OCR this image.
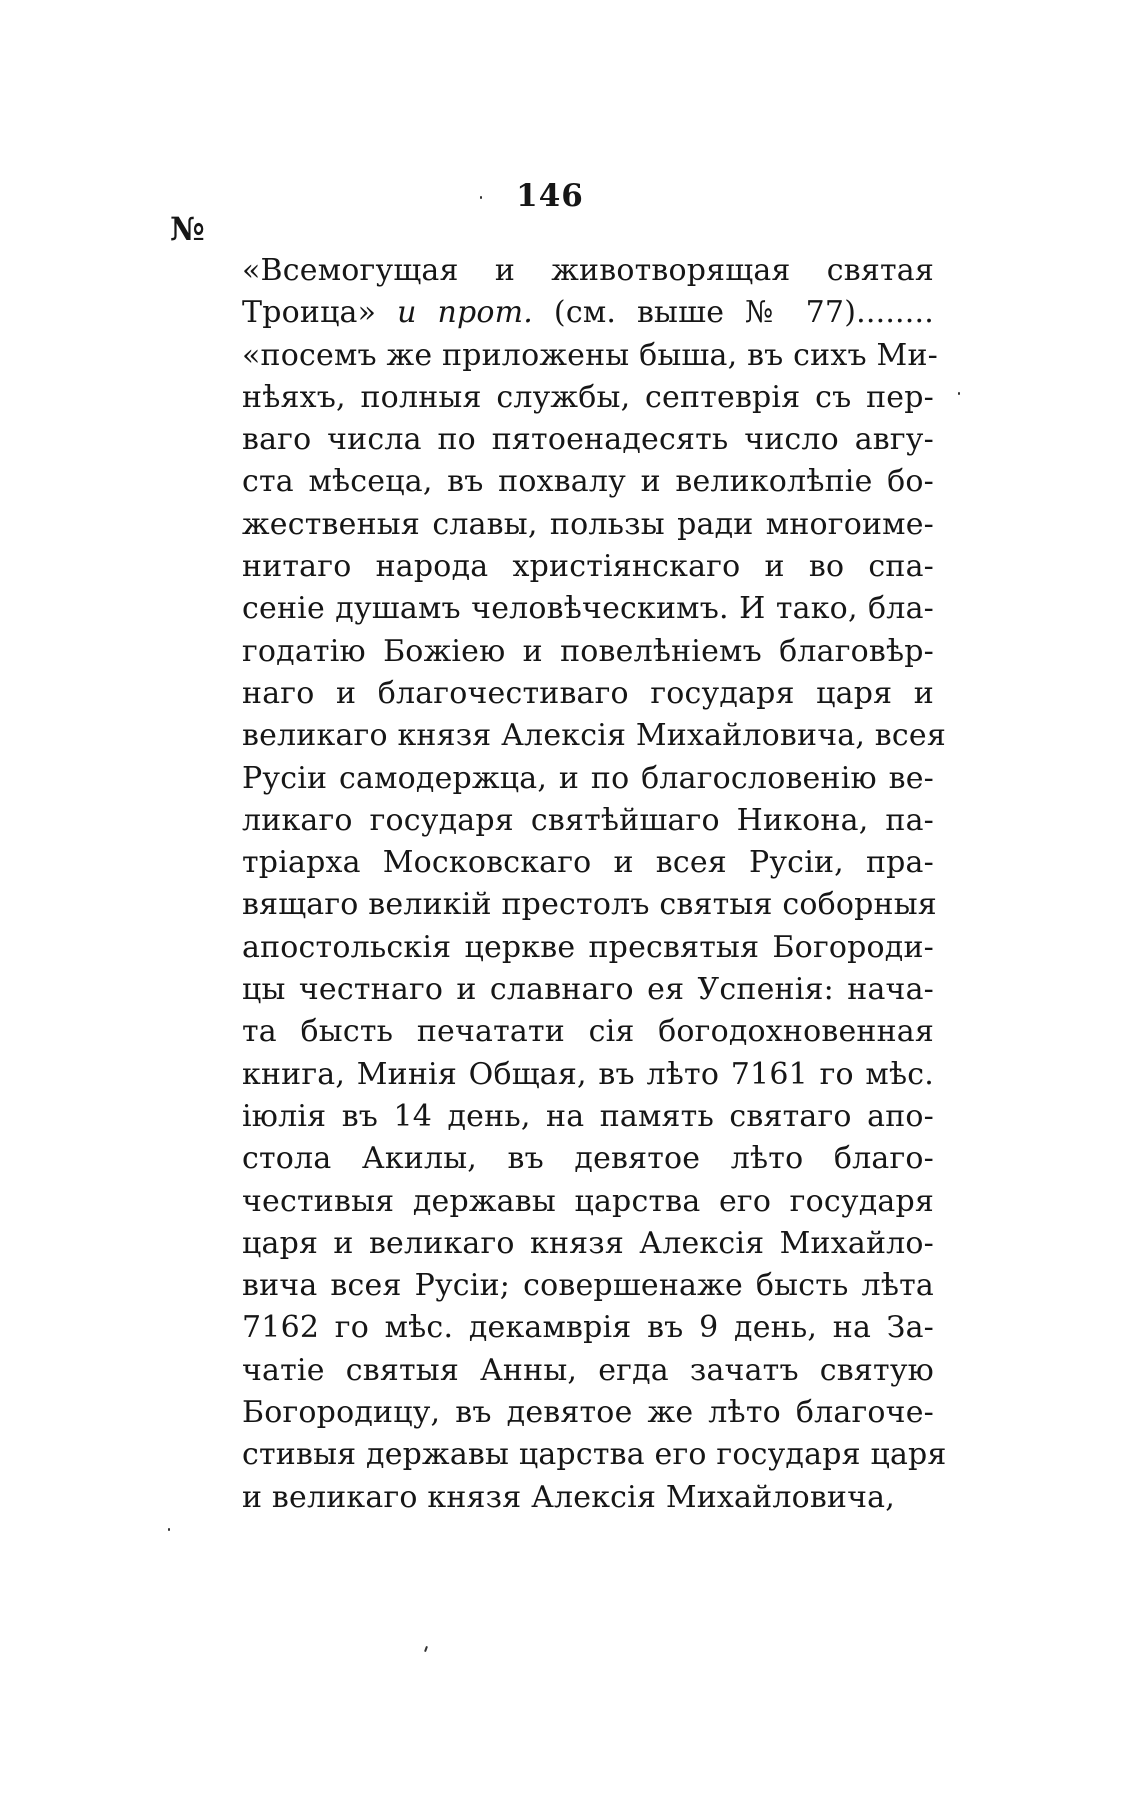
146
№
«Всемогущая и животворящая святая
Троица» и прот. (см. выше № 77)........
«посемъ же приложены быша, въ сихъ Ми-
нѣяхъ, полныя службы, септеврія съ пер-
ваго числа по пятоенадесять число авгу-
ста мѣсеца, въ похвалу и великолѣпіе бо-
жественыя славы, пользы ради многоиме-
нитаго народа христіянскаго и во спа-
сеніе душамъ человѣческимъ. И тако, бла-
годатію Божіею и повелѣніемъ благовѣр-
наго и благочестиваго государя царя и
великаго князя Алексія Михайловича, всея
Русіи самодержца, и по благословенію ве-
ликаго государя святѣйшаго Никона, па-
тріарха Московскаго и всея Русіи, пра-
вящаго великій престолъ святыя соборныя
апостольскія церкве пресвятыя Богороди-
цы честнаго и славнаго ея Успенія: нача-
та бысть печатати сія богодохновенная
книга, Минія Общая, въ лѣто 7161 го мѣс.
іюлія въ 14 день, на память святаго апо-
стола Акилы, въ девятое лѣто благо-
честивыя державы царства его государя
царя и великаго князя Алексія Михайло-
вича всея Русіи; совершенаже бысть лѣта
7162 го мѣс. декамврія въ 9 день, на За-
чатіе святыя Анны, егда зачатъ святую
Богородицу, въ девятое же лѣто благоче-
стивыя державы царства его государя царя
и великаго князя Алексія Михайловича,
